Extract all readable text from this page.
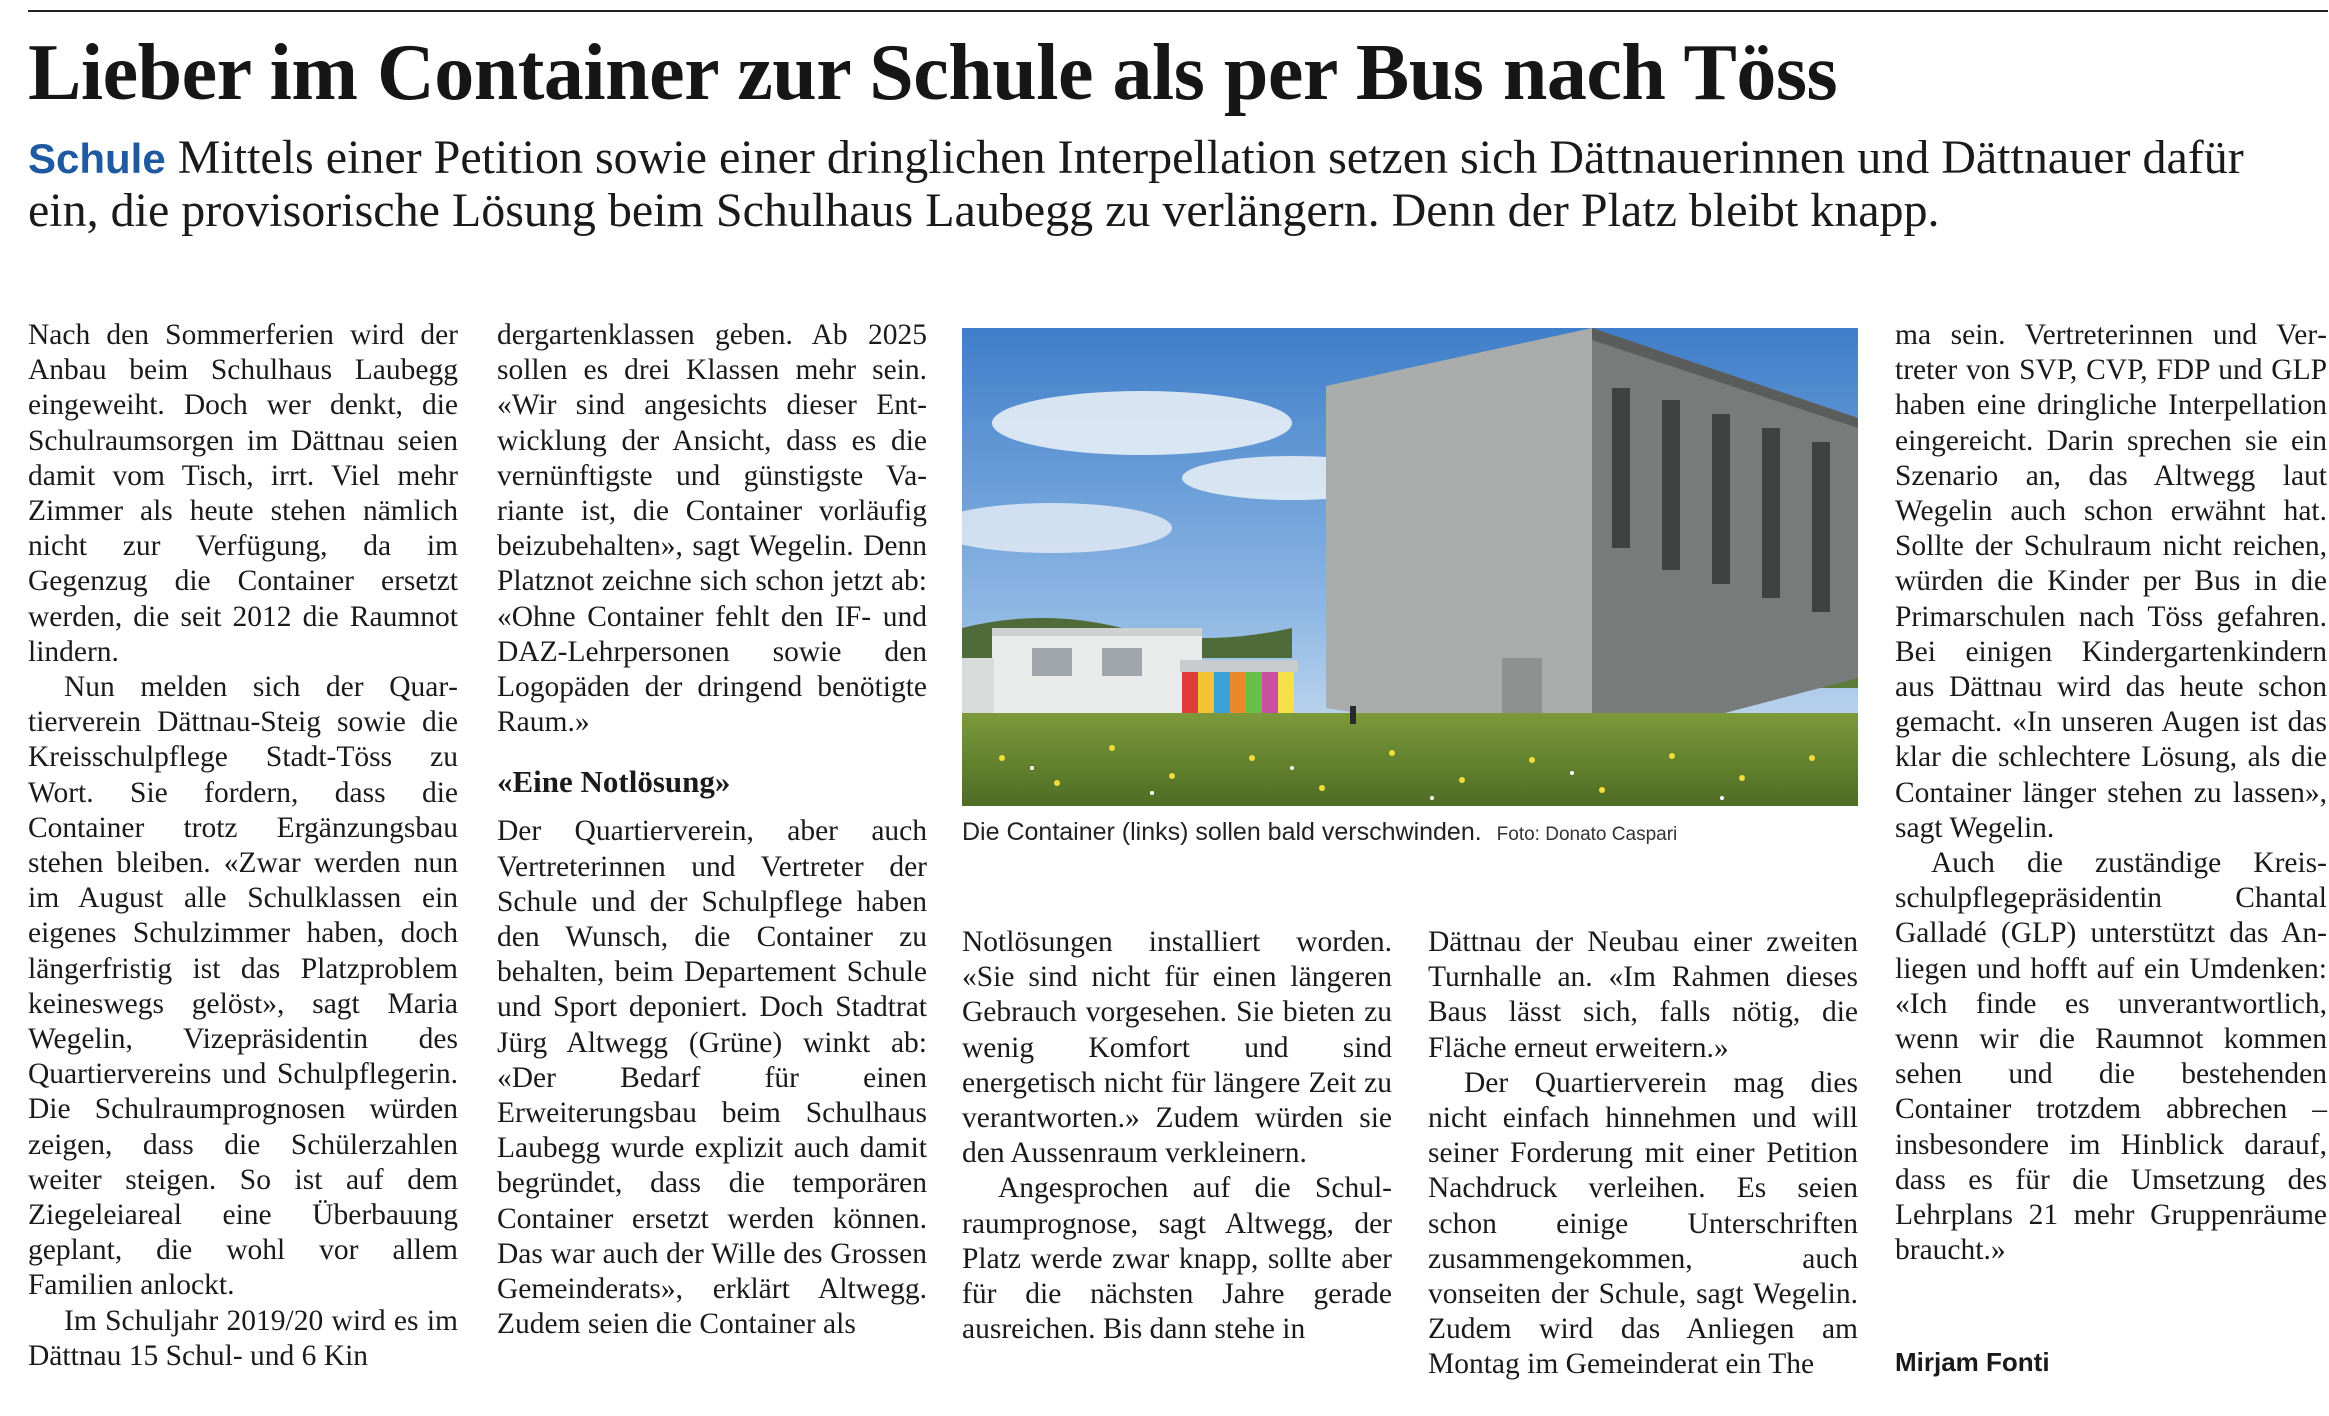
Lieber im Container zur Schule als per Bus nach Töss

Schule Mittels einer Petition sowie einer dringlichen Interpellation setzen sich Dättnauerinnen und Dättnauer dafür ein, die provisorische Lösung beim Schulhaus Laubegg zu verlängern. Denn der Platz bleibt knapp.

Nach den Sommerferien wird der Anbau beim Schulhaus Laubegg eingeweiht. Doch wer denkt, die Schulraumsorgen im Dättnau seien damit vom Tisch, irrt. Viel mehr Zimmer als heute stehen nämlich nicht zur Verfügung, da im Gegenzug die Container ersetzt werden, die seit 2012 die Raumnot lindern.

Nun melden sich der Quartierverein Dättnau-Steig sowie die Kreisschulpflege Stadt-Töss zu Wort. Sie fordern, dass die Container trotz Ergänzungsbau stehen bleiben. «Zwar werden nun im August alle Schulklassen ein eigenes Schulzimmer haben, doch längerfristig ist das Platzproblem keineswegs gelöst», sagt Maria Wegelin, Vizepräsidentin des Quartiervereins und Schulpflegerin. Die Schulraumprognosen würden zeigen, dass die Schülerzahlen weiter steigen. So ist auf dem Ziegeleiareal eine Überbauung geplant, die wohl vor allem Familien anlockt.

Im Schuljahr 2019/20 wird es im Dättnau 15 Schul- und 6 Kin

dergartenklassen geben. Ab 2025 sollen es drei Klassen mehr sein. «Wir sind angesichts dieser Entwicklung der Ansicht, dass es die vernünftigste und günstigste Variante ist, die Container vorläufig beizubehalten», sagt Wegelin. Denn Platznot zeichne sich schon jetzt ab: «Ohne Container fehlt den IF- und DAZ-Lehrpersonen sowie den Logopäden der dringend benötigte Raum.»

«Eine Notlösung»

Der Quartierverein, aber auch Vertreterinnen und Vertreter der Schule und der Schulpflege haben den Wunsch, die Container zu behalten, beim Departement Schule und Sport deponiert. Doch Stadtrat Jürg Altwegg (Grüne) winkt ab: «Der Bedarf für einen Erweiterungsbau beim Schulhaus Laubegg wurde explizit auch damit begründet, dass die temporären Container ersetzt werden können. Das war auch der Wille des Grossen Gemeinderats», erklärt Altwegg. Zudem seien die Container als

Die Container (links) sollen bald verschwinden. Foto: Donato Caspari

Notlösungen installiert worden. «Sie sind nicht für einen längeren Gebrauch vorgesehen. Sie bieten zu wenig Komfort und sind energetisch nicht für längere Zeit zu verantworten.» Zudem würden sie den Aussenraum verkleinern.

Angesprochen auf die Schulraumprognose, sagt Altwegg, der Platz werde zwar knapp, sollte aber für die nächsten Jahre gerade ausreichen. Bis dann stehe in

Dättnau der Neubau einer zweiten Turnhalle an. «Im Rahmen dieses Baus lässt sich, falls nötig, die Fläche erneut erweitern.»

Der Quartierverein mag dies nicht einfach hinnehmen und will seiner Forderung mit einer Petition Nachdruck verleihen. Es seien schon einige Unterschriften zusammengekommen, auch vonseiten der Schule, sagt Wegelin. Zudem wird das Anliegen am Montag im Gemeinderat ein The

ma sein. Vertreterinnen und Vertreter von SVP, CVP, FDP und GLP haben eine dringliche Interpellation eingereicht. Darin sprechen sie ein Szenario an, das Altwegg laut Wegelin auch schon erwähnt hat. Sollte der Schulraum nicht reichen, würden die Kinder per Bus in die Primarschulen nach Töss gefahren. Bei einigen Kindergartenkindern aus Dättnau wird das heute schon gemacht. «In unseren Augen ist das klar die schlechtere Lösung, als die Container länger stehen zu lassen», sagt Wegelin.

Auch die zuständige Kreisschulpflegepräsidentin Chantal Galladé (GLP) unterstützt das Anliegen und hofft auf ein Umdenken: «Ich finde es unverantwortlich, wenn wir die Raumnot kommen sehen und die bestehenden Container trotzdem abbrechen – insbesondere im Hinblick darauf, dass es für die Umsetzung des Lehrplans 21 mehr Gruppenräume braucht.»

Mirjam Fonti
